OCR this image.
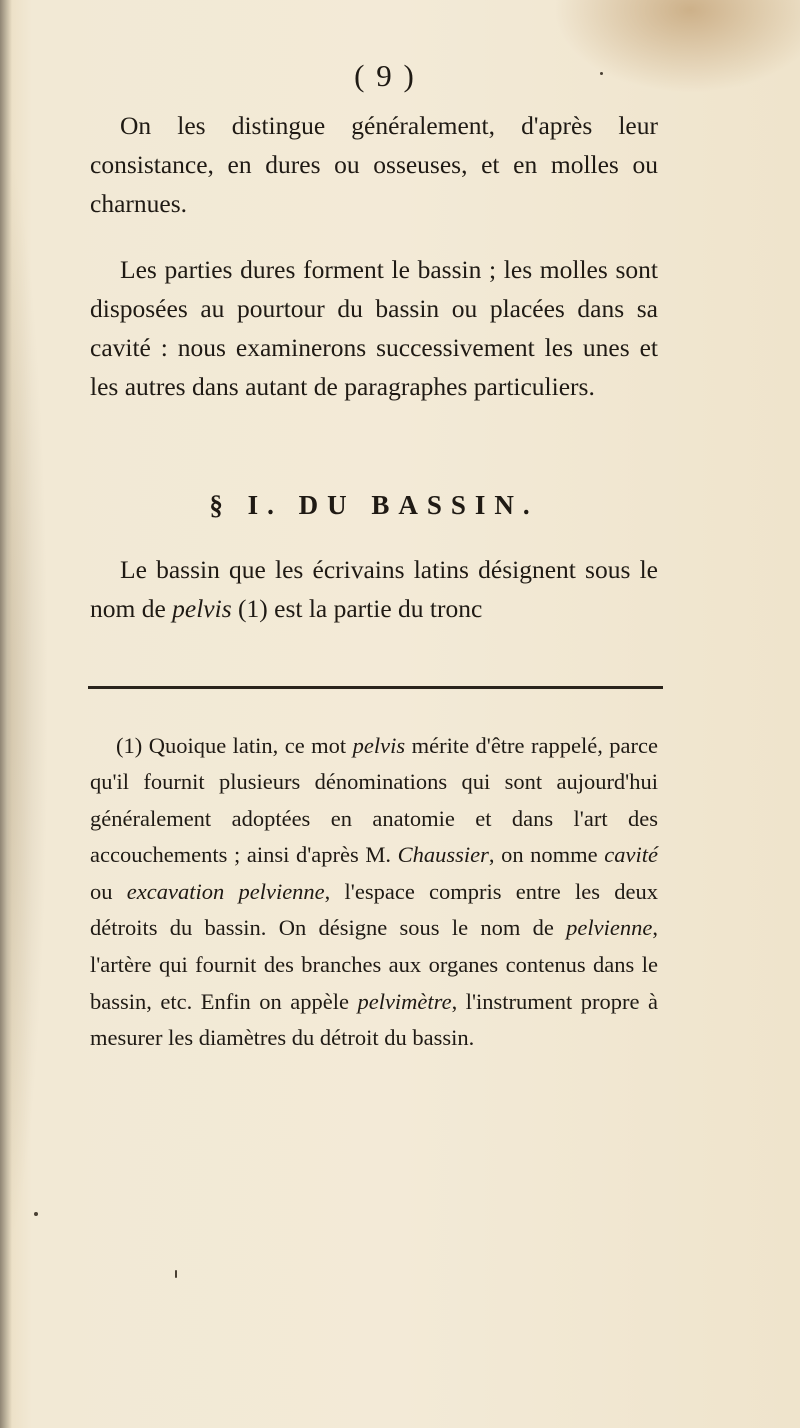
( 9 )

On les distingue généralement, d'après leur consistance, en dures ou osseuses, et en molles ou charnues.

Les parties dures forment le bassin ; les molles sont disposées au pourtour du bassin ou placées dans sa cavité : nous examinerons successivement les unes et les autres dans autant de paragraphes particuliers.

§ I. DU BASSIN.

Le bassin que les écrivains latins désignent sous le nom de pelvis (1) est la partie du tronc

(1) Quoique latin, ce mot pelvis mérite d'être rappelé, parce qu'il fournit plusieurs dénominations qui sont aujourd'hui généralement adoptées en anatomie et dans l'art des accouchements ; ainsi d'après M. Chaussier, on nomme cavité ou excavation pelvienne, l'espace compris entre les deux détroits du bassin. On désigne sous le nom de pelvienne, l'artère qui fournit des branches aux organes contenus dans le bassin, etc. Enfin on appèle pelvimètre, l'instrument propre à mesurer les diamètres du détroit du bassin.
